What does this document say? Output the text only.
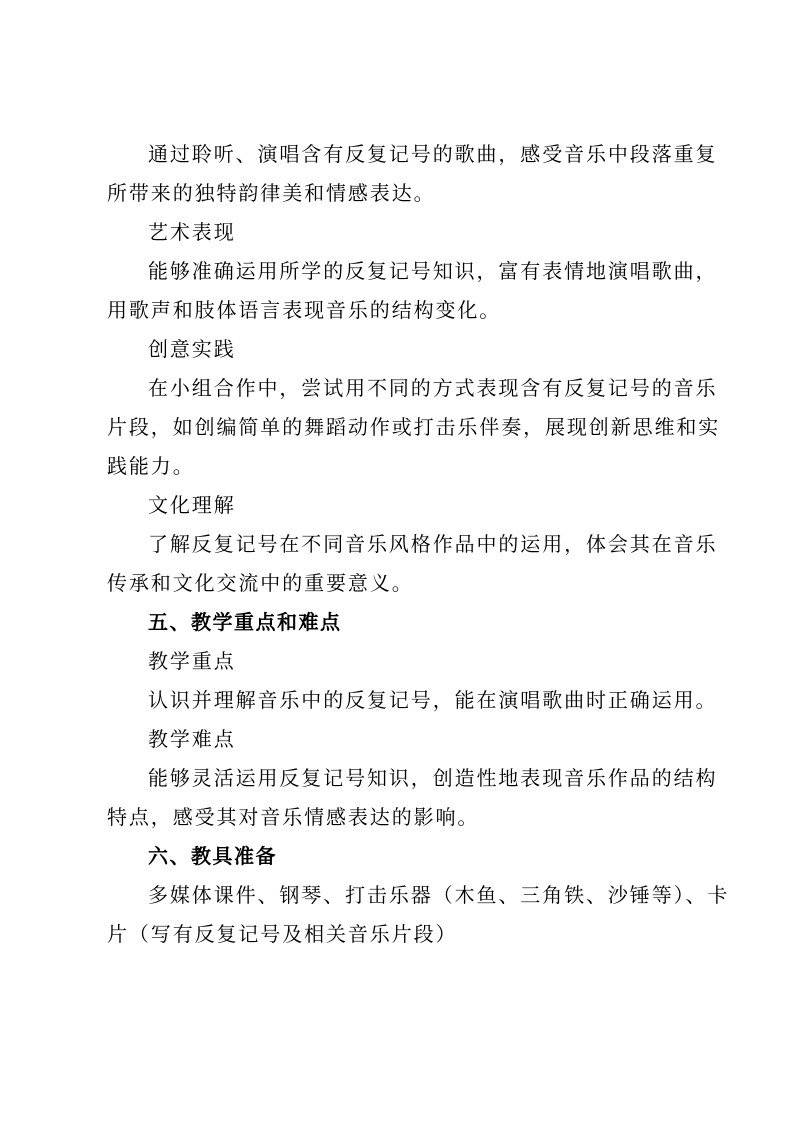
通过聆听、演唱含有反复记号的歌曲，感受音乐中段落重复
所带来的独特韵律美和情感表达。
艺术表现
能够准确运用所学的反复记号知识，富有表情地演唱歌曲，
用歌声和肢体语言表现音乐的结构变化。
创意实践
在小组合作中，尝试用不同的方式表现含有反复记号的音乐
片段，如创编简单的舞蹈动作或打击乐伴奏，展现创新思维和实
践能力。
文化理解
了解反复记号在不同音乐风格作品中的运用，体会其在音乐
传承和文化交流中的重要意义。
五、教学重点和难点
教学重点
认识并理解音乐中的反复记号，能在演唱歌曲时正确运用。
教学难点
能够灵活运用反复记号知识，创造性地表现音乐作品的结构
特点，感受其对音乐情感表达的影响。
六、教具准备
多媒体课件、钢琴、打击乐器（木鱼、三角铁、沙锤等）、卡
片（写有反复记号及相关音乐片段）
